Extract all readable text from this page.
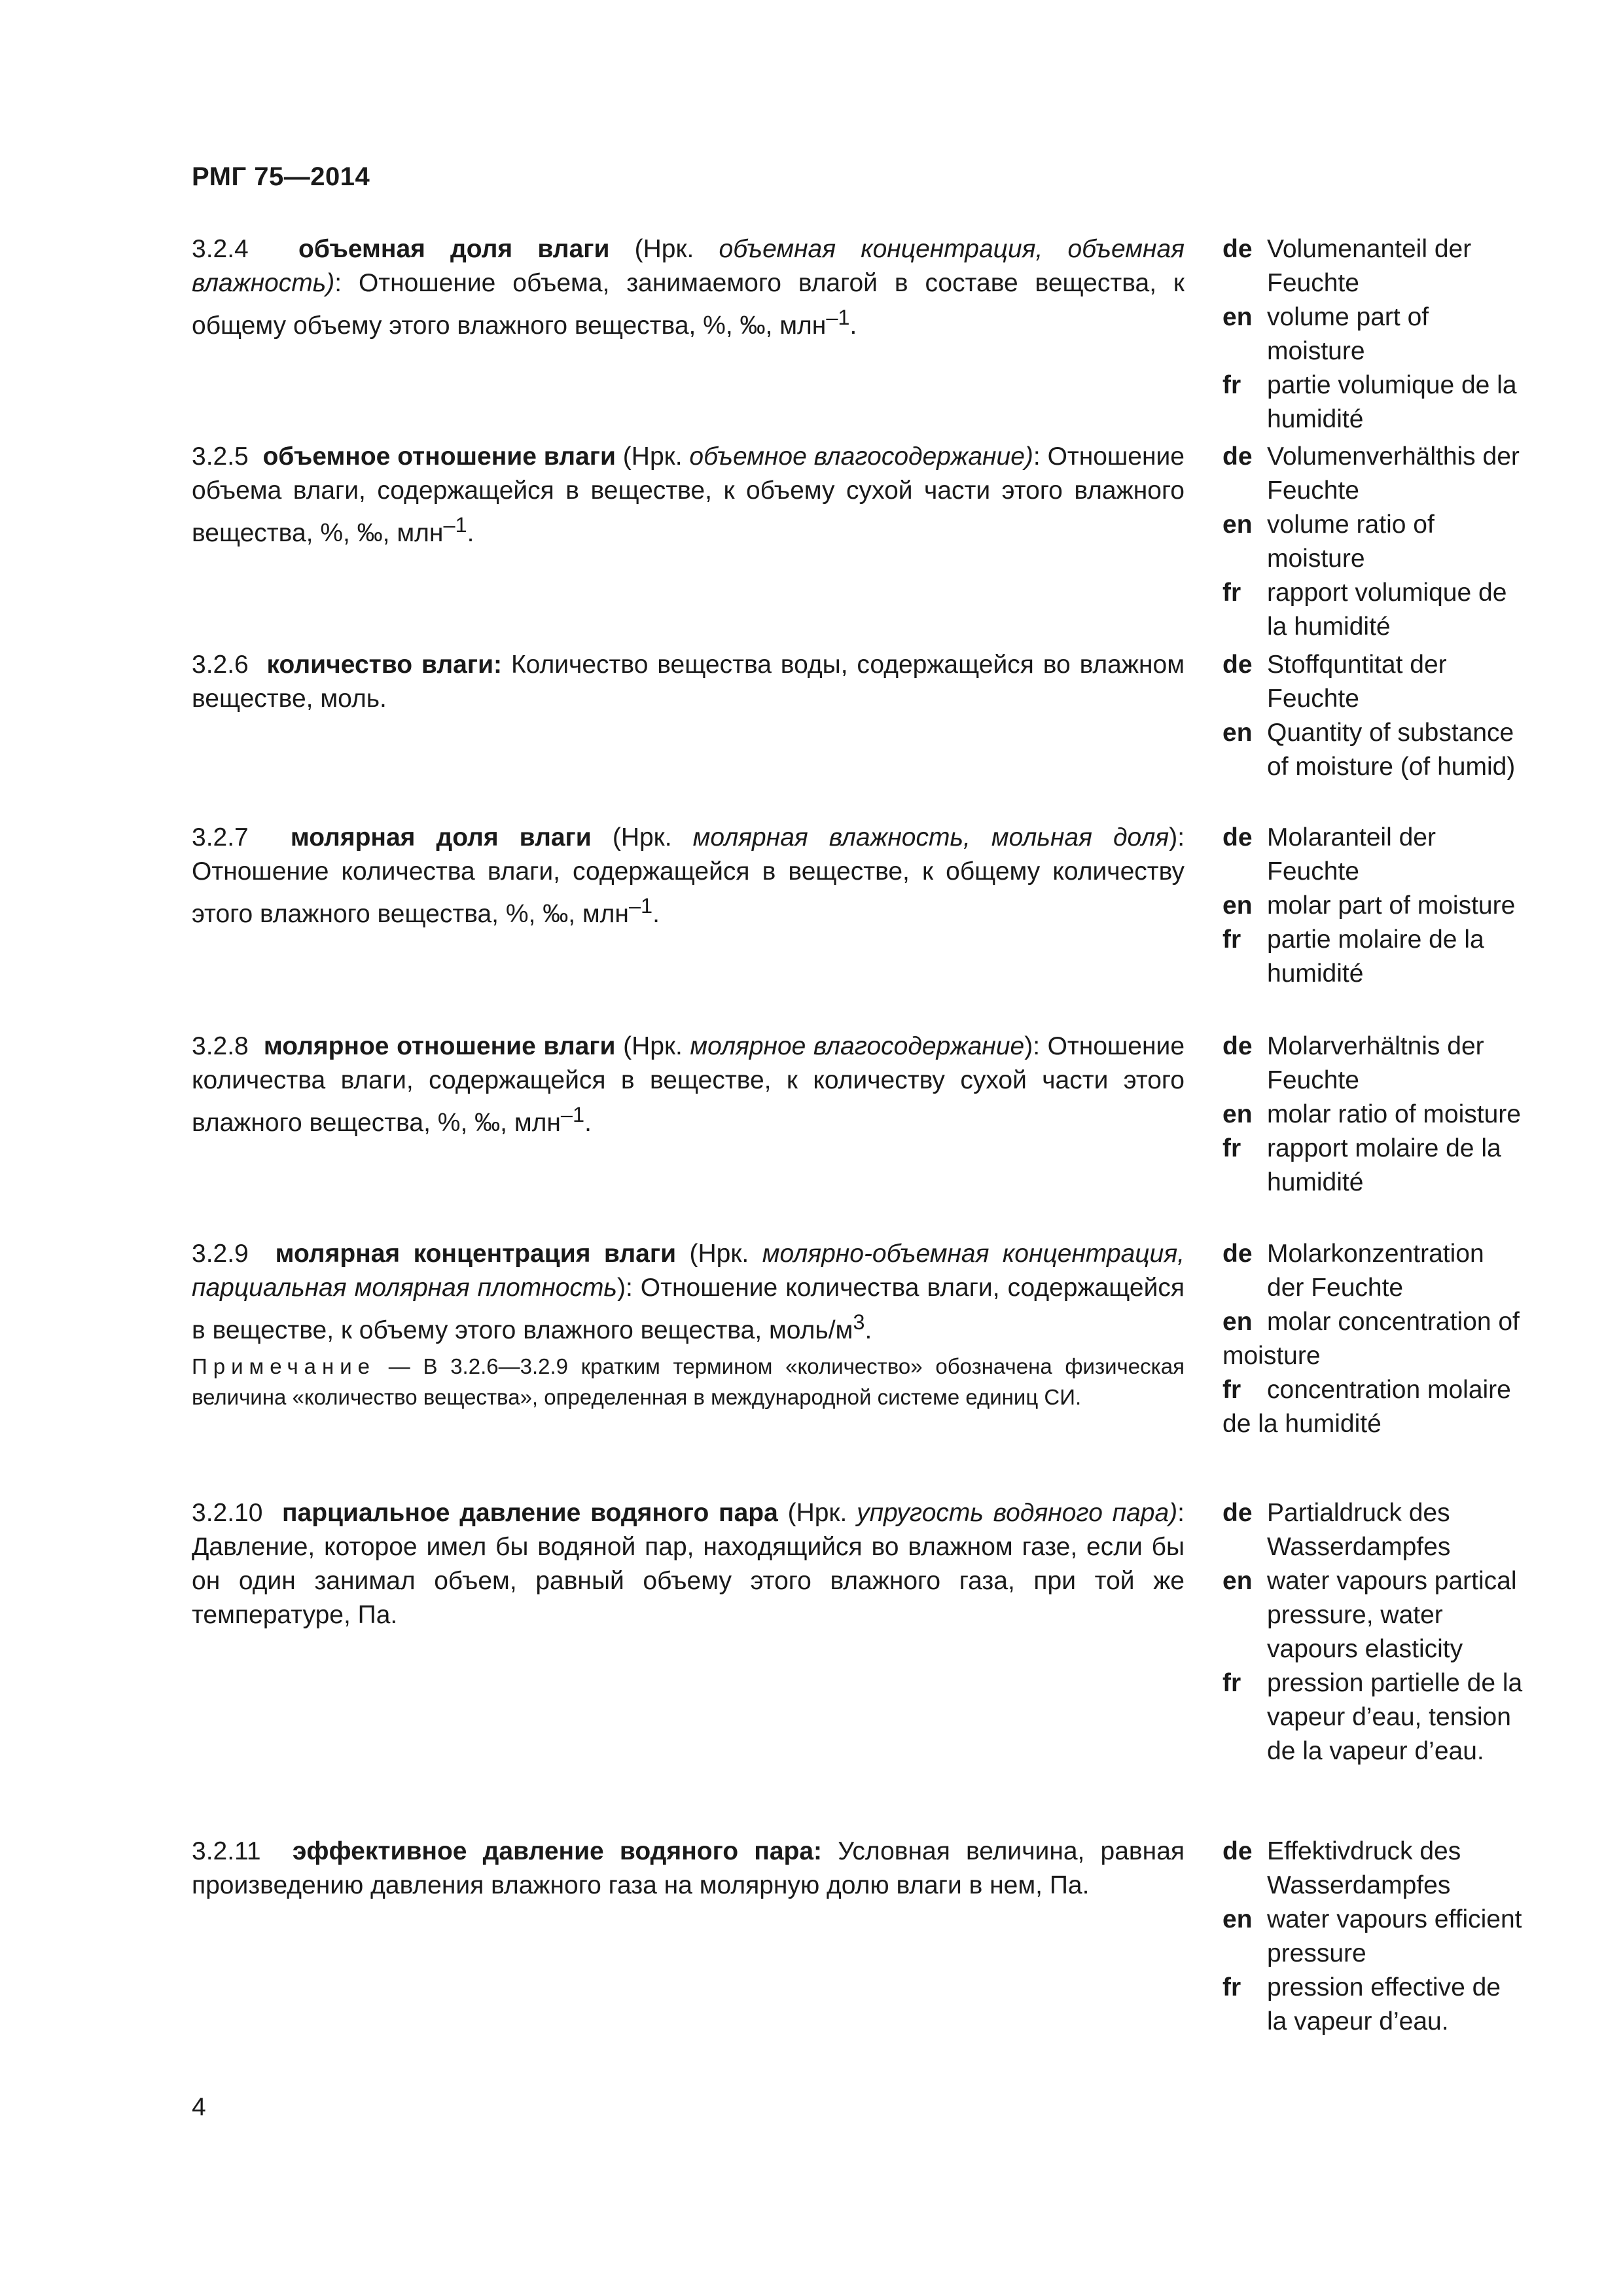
РМГ 75—2014
3.2.4 объемная доля влаги (Нрк. объемная концентрация, объемная влажность): Отношение объема, занимаемого влагой в составе вещества, к общему объему этого влажного вещества, %, ‰, млн$^{-1}$.
de Volumenanteil der Feuchte
en volume part of moisture
fr	partie volumique de la humidité
3.2.5 объемное отношение влаги (Нрк. объемное влагосодержание): Отношение объема влаги, содержащейся в веществе, к объему сухой части этого влажного вещества, %, ‰, млн$^{-1}$.
de Volumenverhälthis der Feuchte
en volume ratio of moisture
fr	rapport volumique de la humidité
3.2.6 количество влаги: Количество вещества воды, содержащейся во влажном веществе, моль.
de Stoffquntitat der Feuchte
en Quantity of substance of moisture (of humid)
3.2.7 молярная доля влаги (Нрк. молярная влажность, мольная доля): Отношение количества влаги, содержащейся в веществе, к общему количеству этого влажного вещества, %, ‰, млн$^{-1}$.
de Molaranteil der Feuchte
en molar part of moisture
fr	partie molaire de la humidité
3.2.8 молярное отношение влаги (Нрк. молярное влагосодержание): Отношение количества влаги, содержащейся в веществе, к количеству сухой части этого влажного вещества, %, ‰, млн$^{-1}$.
de Molarverhältnis der Feuchte
en molar ratio of moisture
fr	rapport molaire de la humidité
3.2.9 молярная концентрация влаги (Нрк. молярно-объемная концентрация, парциальная молярная плотность): Отношение количества влаги, содержащейся в веществе, к объему этого влажного вещества, моль/$м^3$.
Примечание — В 3.2.6—3.2.9 кратким термином «количество» обозначена физическая величина «количество вещества», определенная в международной системе единиц СИ.
de Molarkonzentration der Feuchte
en molar concentration of moisture
fr concentration molaire de la humidité
3.2.10 парциальное давление водяного пара (Нрк. упругость водяного пара): Давление, которое имел бы водяной пар, находящийся во влажном газе, если бы он один занимал объем, равный объему этого влажного газа, при той же температуре, Па.
de Partialdruck des Wasserdampfes
en water vapours partical pressure, water vapours elasticity
fr	pression partielle de la vapeur d’eau, tension de la vapeur d’eau.
3.2.11 эффективное давление водяного пара: Условная величина, равная произведению давления влажного газа на молярную долю влаги в нем, Па.
de Effektivdruck des Wasserdampfes
en water vapours efficient pressure
fr	pression effective de la vapeur d’eau.
4
